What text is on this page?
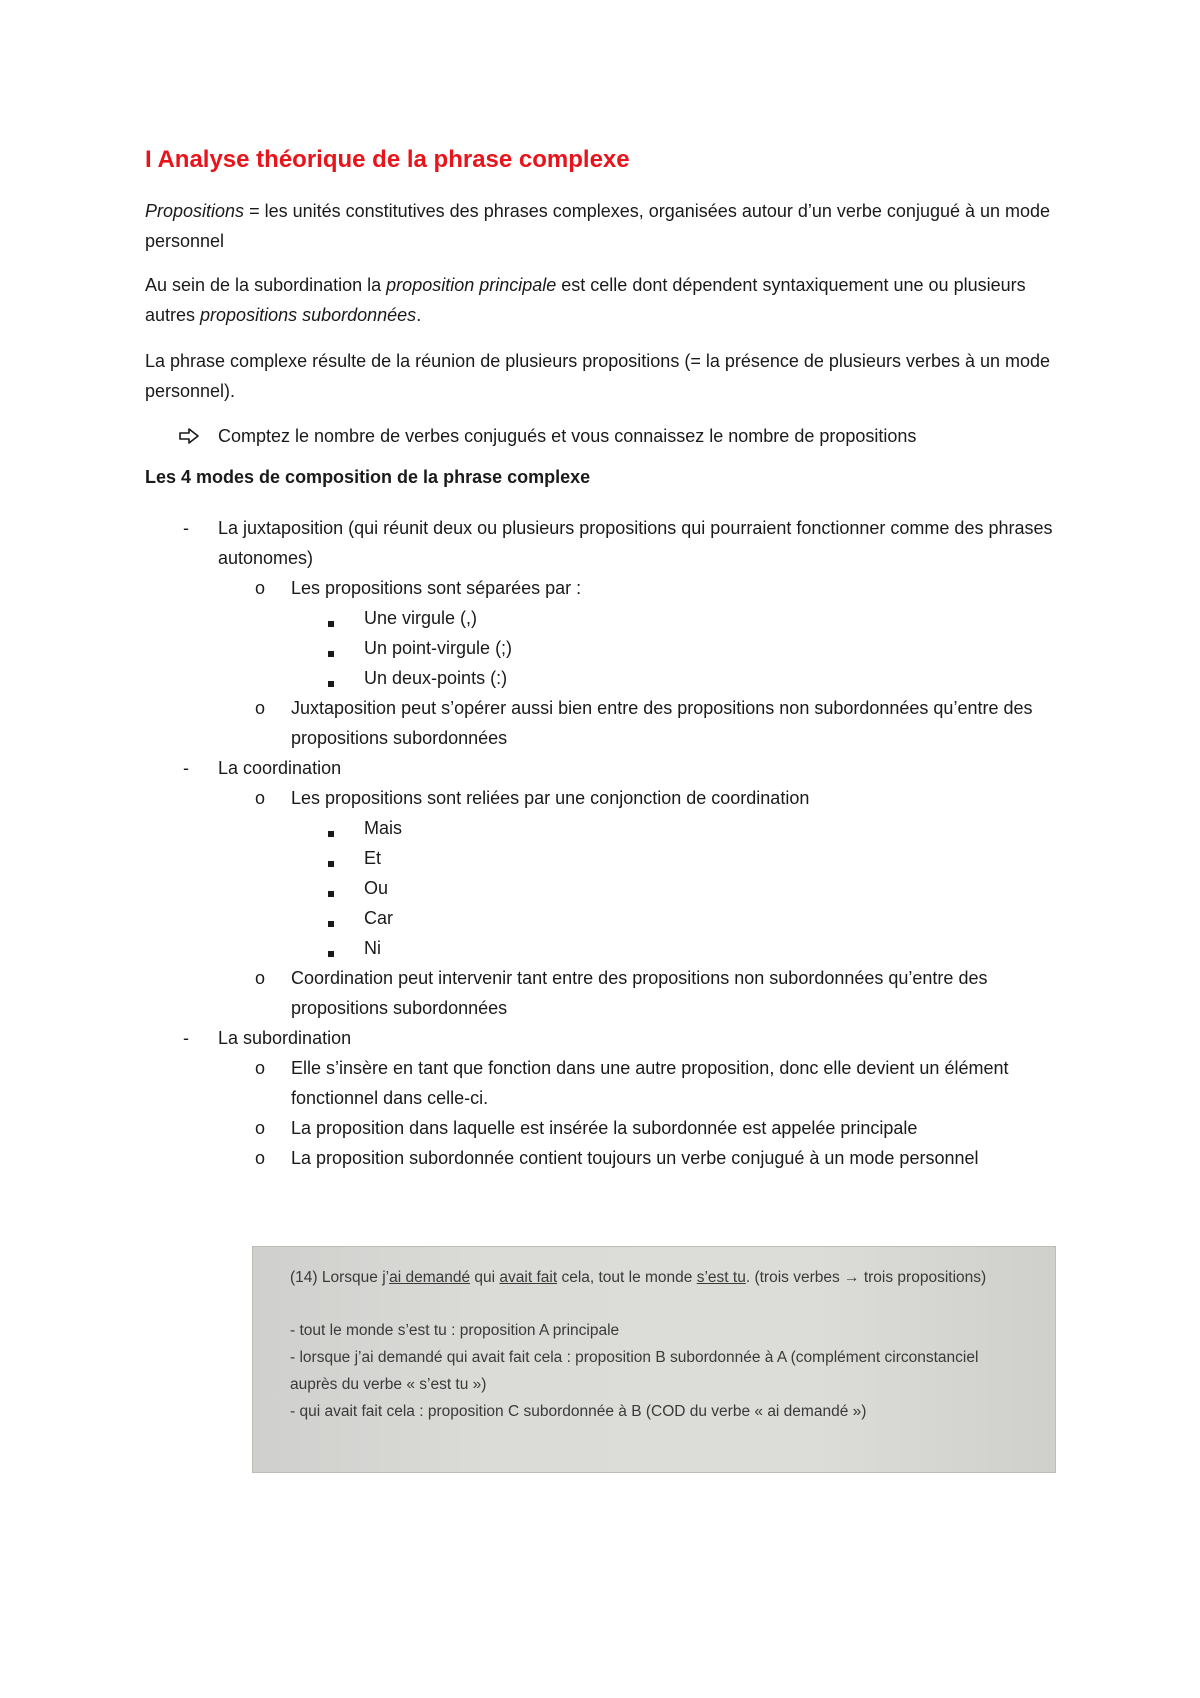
I Analyse théorique de la phrase complexe
Propositions = les unités constitutives des phrases complexes, organisées autour d’un verbe conjugué à un mode personnel
Au sein de la subordination la proposition principale est celle dont dépendent syntaxiquement une ou plusieurs autres propositions subordonnées.
La phrase complexe résulte de la réunion de plusieurs propositions (= la présence de plusieurs verbes à un mode personnel).
Comptez le nombre de verbes conjugués et vous connaissez le nombre de propositions
Les 4 modes de composition de la phrase complexe
-	La juxtaposition (qui réunit deux ou plusieurs propositions qui pourraient fonctionner comme des phrases autonomes)
o	Les propositions sont séparées par :
Une virgule (,)
Un point-virgule (;)
Un deux-points (:)
o	Juxtaposition peut s’opérer aussi bien entre des propositions non subordonnées qu’entre des propositions subordonnées
-	La coordination
o	Les propositions sont reliées par une conjonction de coordination
Mais
Et
Ou
Car
Ni
o	Coordination peut intervenir tant entre des propositions non subordonnées qu’entre des propositions subordonnées
-	La subordination
o	Elle s’insère en tant que fonction dans une autre proposition, donc elle devient un élément fonctionnel dans celle-ci.
o	La proposition dans laquelle est insérée la subordonnée est appelée principale
o	La proposition subordonnée contient toujours un verbe conjugué à un mode personnel
(14) Lorsque j’ai demandé qui avait fait cela, tout le monde s’est tu. (trois verbes → trois propositions)
- tout le monde s’est tu : proposition A principale
- lorsque j’ai demandé qui avait fait cela : proposition B subordonnée à A (complément circonstanciel
auprès du verbe « s’est tu »)
- qui avait fait cela : proposition C subordonnée à B (COD du verbe « ai demandé »)
